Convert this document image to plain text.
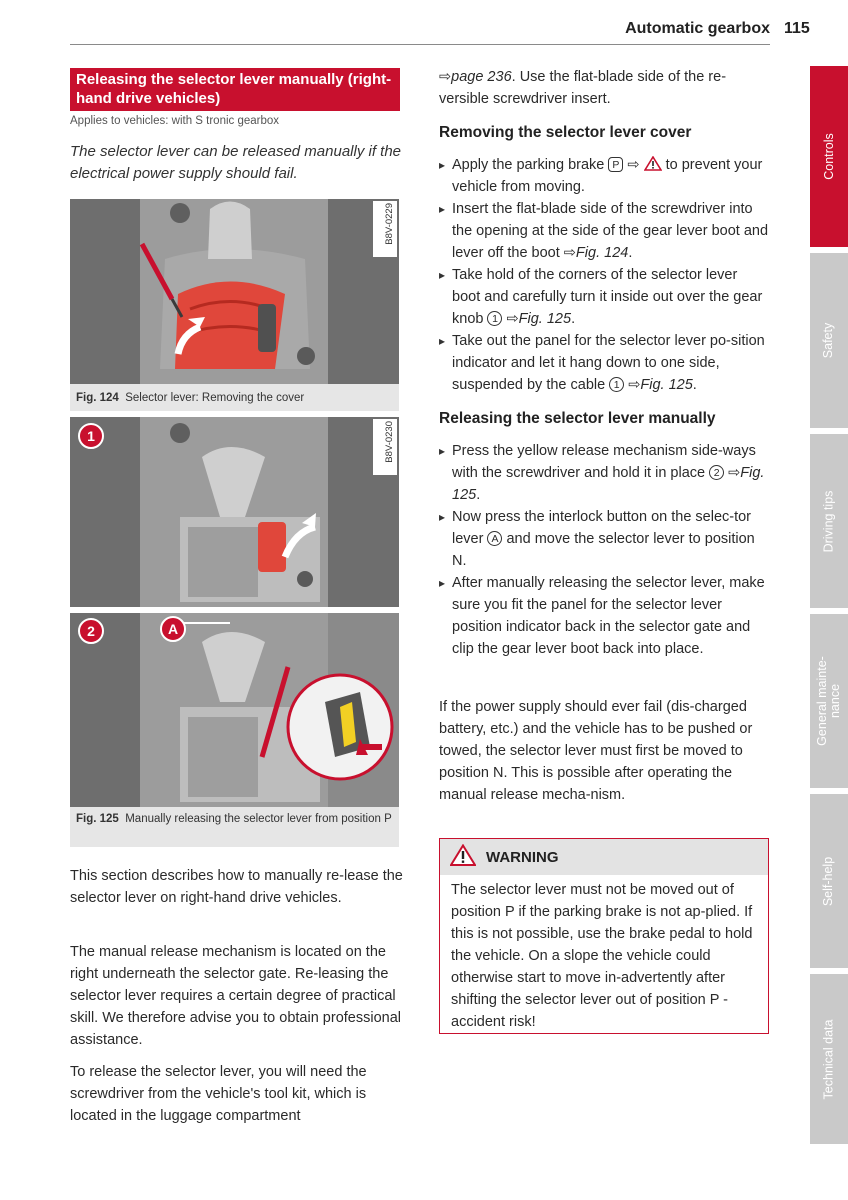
Automatic gearbox 115
Controls
Safety
Driving tips
General mainte-
nance
Self-help
Technical data
Releasing the selector lever manually (right-hand drive vehicles)
Applies to vehicles: with S tronic gearbox
The selector lever can be released manually if the electrical power supply should fail.
B8V-0229
Fig. 124 Selector lever: Removing the cover
1
2	A
B8V-0230
Fig. 125 Manually releasing the selector lever from position P

This section describes how to manually re-lease the selector lever on right-hand drive vehicles.

The manual release mechanism is located on the right underneath the selector gate. Re-leasing the selector lever requires a certain degree of practical skill. We therefore advise you to obtain professional assistance.

To release the selector lever, you will need the screwdriver from the vehicle's tool kit, which is located in the luggage compartment

⇨page 236. Use the flat-blade side of the re-versible screwdriver insert.
Removing the selector lever cover
▸ Apply the parking brake P ⇨  to prevent your vehicle from moving.
▸ Insert the flat-blade side of the screwdriver into the opening at the side of the gear lever boot and lever off the boot ⇨Fig. 124.
▸ Take hold of the corners of the selector lever boot and carefully turn it inside out over the gear knob 1 ⇨Fig. 125.
▸ Take out the panel for the selector lever po-sition indicator and let it hang down to one side, suspended by the cable 1 ⇨Fig. 125.
Releasing the selector lever manually
▸ Press the yellow release mechanism side-ways with the screwdriver and hold it in place 2 ⇨Fig. 125.
▸ Now press the interlock button on the selec-tor lever A and move the selector lever to position N.
▸ After manually releasing the selector lever, make sure you fit the panel for the selector lever position indicator back in the selector gate and clip the gear lever boot back into place.
If the power supply should ever fail (dis-charged battery, etc.) and the vehicle has to be pushed or towed, the selector lever must first be moved to position N. This is possible after operating the manual release mecha-nism.
WARNING
The selector lever must not be moved out of position P if the parking brake is not ap-plied. If this is not possible, use the brake pedal to hold the vehicle. On a slope the vehicle could otherwise start to move in-advertently after shifting the selector lever out of position P - accident risk!
